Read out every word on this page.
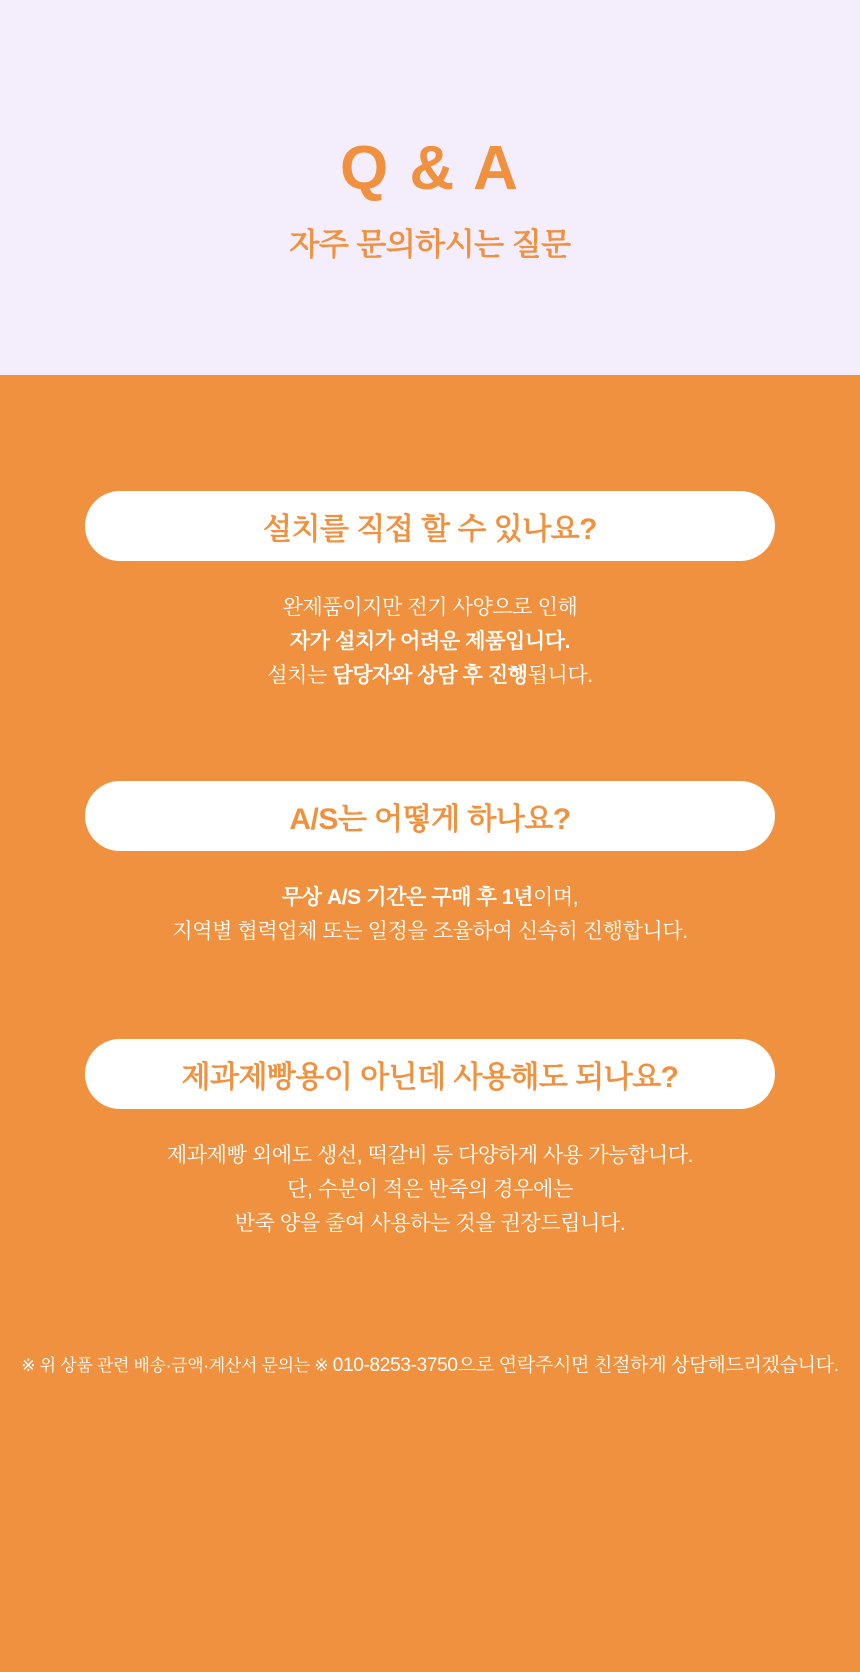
Q & A
자주 문의하시는 질문
설치를 직접 할 수 있나요?
완제품이지만 전기 사양으로 인해
자가 설치가 어려운 제품입니다.
설치는 담당자와 상담 후 진행됩니다.
A/S는 어떻게 하나요?
무상 A/S 기간은 구매 후 1년이며,
지역별 협력업체 또는 일정을 조율하여 신속히 진행합니다.
제과제빵용이 아닌데 사용해도 되나요?
제과제빵 외에도 생선, 떡갈비 등 다양하게 사용 가능합니다.
단, 수분이 적은 반죽의 경우에는
반죽 양을 줄여 사용하는 것을 권장드립니다.
※ 위 상품 관련 배송·금액·계산서 문의는 ※ 010-8253-3750으로 연락주시면 친절하게 상담해드리겠습니다.
